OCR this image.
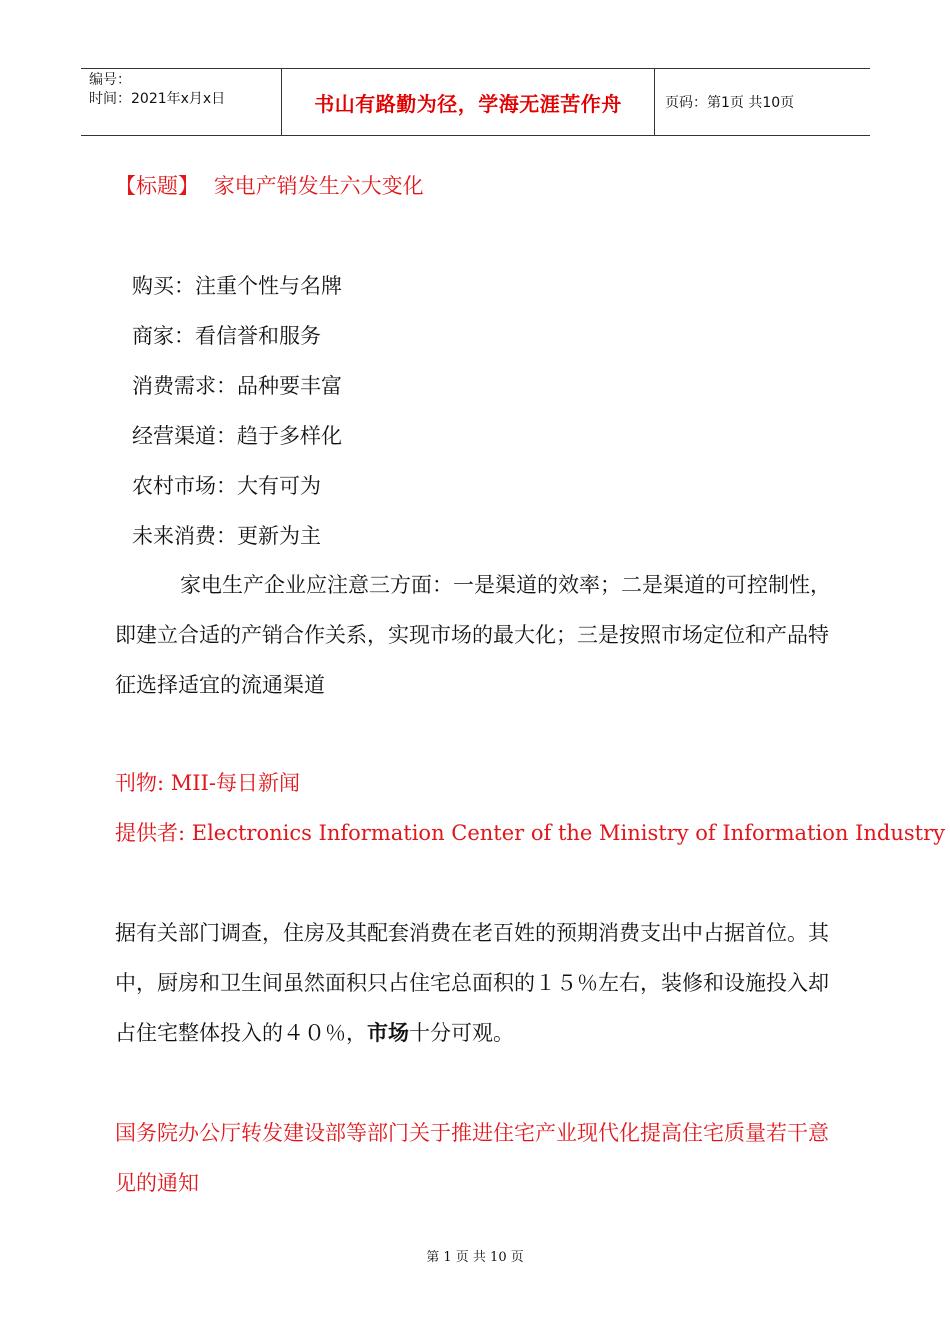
编号：
时间：2021年x月x日	书山有路勤为径，学海无涯苦作舟	页码：第1页 共10页
【标题】 家电产销发生六大变化
购买：注重个性与名牌
商家：看信誉和服务
消费需求：品种要丰富
经营渠道：趋于多样化
农村市场：大有可为
未来消费：更新为主
家电生产企业应注意三方面：一是渠道的效率；二是渠道的可控制性，即建立合适的产销合作关系，实现市场的最大化；三是按照市场定位和产品特征选择适宜的流通渠道
刊物: MII-每日新闻
提供者: Electronics Information Center of the Ministry of Information Industry
据有关部门调查，住房及其配套消费在老百姓的预期消费支出中占据首位。其中，厨房和卫生间虽然面积只占住宅总面积的１５％左右，装修和设施投入却占住宅整体投入的４０％，市场十分可观。
国务院办公厅转发建设部等部门关于推进住宅产业现代化提高住宅质量若干意见的通知
第 1 页 共 10 页
